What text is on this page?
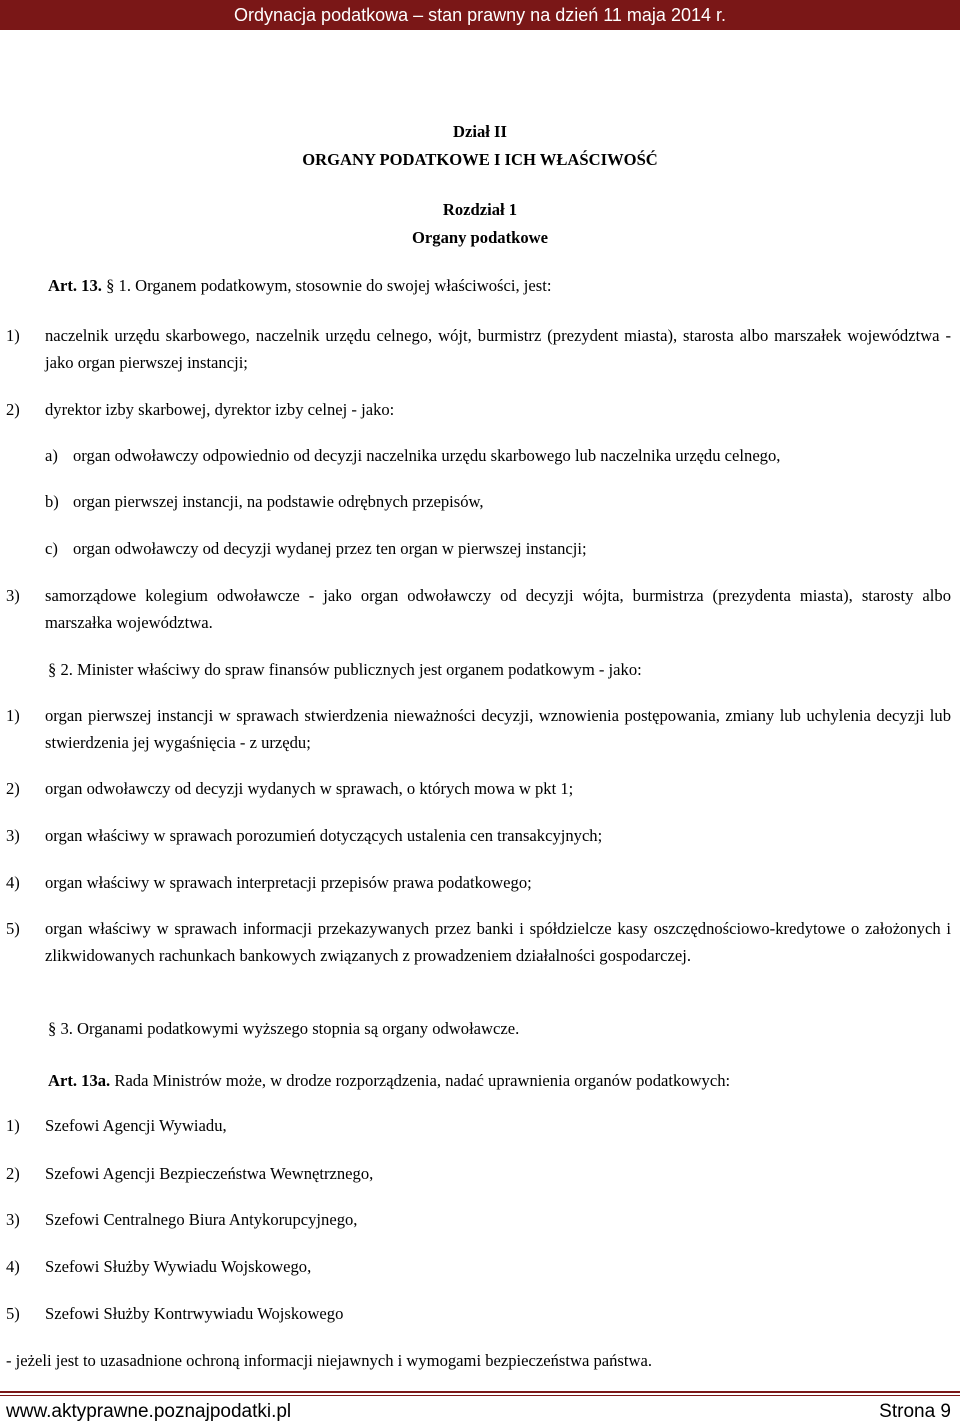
Ordynacja podatkowa – stan prawny na dzień 11 maja 2014 r.
Dział II
ORGANY PODATKOWE I ICH WŁAŚCIWOŚĆ
Rozdział 1
Organy podatkowe
Art. 13. § 1. Organem podatkowym, stosownie do swojej właściwości, jest:
1) naczelnik urzędu skarbowego, naczelnik urzędu celnego, wójt, burmistrz (prezydent miasta), starosta albo marszałek województwa - jako organ pierwszej instancji;
2) dyrektor izby skarbowej, dyrektor izby celnej - jako:
a) organ odwoławczy odpowiednio od decyzji naczelnika urzędu skarbowego lub naczelnika urzędu celnego,
b) organ pierwszej instancji, na podstawie odrębnych przepisów,
c) organ odwoławczy od decyzji wydanej przez ten organ w pierwszej instancji;
3) samorządowe kolegium odwoławcze - jako organ odwoławczy od decyzji wójta, burmistrza (prezydenta miasta), starosty albo marszałka województwa.
§ 2. Minister właściwy do spraw finansów publicznych jest organem podatkowym - jako:
1) organ pierwszej instancji w sprawach stwierdzenia nieważności decyzji, wznowienia postępowania, zmiany lub uchylenia decyzji lub stwierdzenia jej wygaśnięcia - z urzędu;
2) organ odwoławczy od decyzji wydanych w sprawach, o których mowa w pkt 1;
3) organ właściwy w sprawach porozumień dotyczących ustalenia cen transakcyjnych;
4) organ właściwy w sprawach interpretacji przepisów prawa podatkowego;
5) organ właściwy w sprawach informacji przekazywanych przez banki i spółdzielcze kasy oszczędnościowo-kredytowe o założonych i zlikwidowanych rachunkach bankowych związanych z prowadzeniem działalności gospodarczej.
§ 3. Organami podatkowymi wyższego stopnia są organy odwoławcze.
Art. 13a. Rada Ministrów może, w drodze rozporządzenia, nadać uprawnienia organów podatkowych:
1) Szefowi Agencji Wywiadu,
2) Szefowi Agencji Bezpieczeństwa Wewnętrznego,
3) Szefowi Centralnego Biura Antykorupcyjnego,
4) Szefowi Służby Wywiadu Wojskowego,
5) Szefowi Służby Kontrwywiadu Wojskowego
- jeżeli jest to uzasadnione ochroną informacji niejawnych i wymogami bezpieczeństwa państwa.
www.aktyprawne.poznajpodatki.pl	Strona 9
